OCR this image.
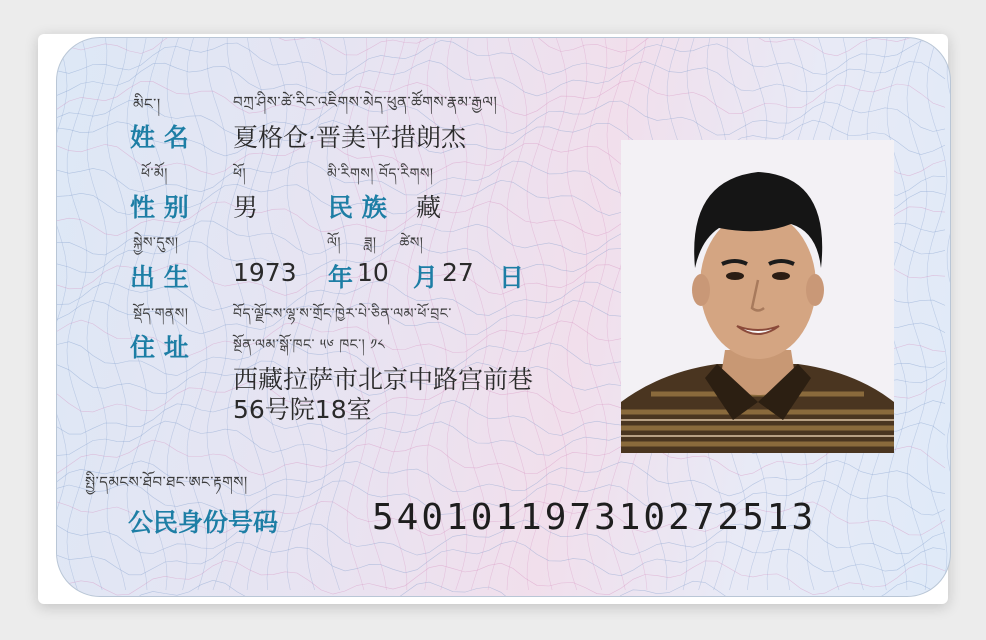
མིང་།	བཀྲ་ཤིས་ཚེ་རིང་འཇིགས་མེད་ཕུན་ཚོགས་རྣམ་རྒྱལ།
姓 名 夏格仓·晋美平措朗杰
ཕོ་མོ།	ཕོ།	མི་རིགས། བོད་རིགས།
性 别 男	民 族 藏
སྐྱེས་དུས།	ལོ། ཟླ། ཚེས།
出 生 1973 年 10 月 27 日
སྡོད་གནས།	བོད་ལྗོངས་ལྷ་ས་གྲོང་ཁྱེར་པེ་ཅིན་ལམ་ཕོ་བྲང་
སྔོན་ལམ་སྒོ་ཁང་ ༥༦ ཁང་། ༡༨
住 址
西藏拉萨市北京中路宫前巷
56号院18室
སྤྱི་དམངས་ཐོབ་ཐང་ཨང་རྟགས།
公民身份号码	540101197310272513
